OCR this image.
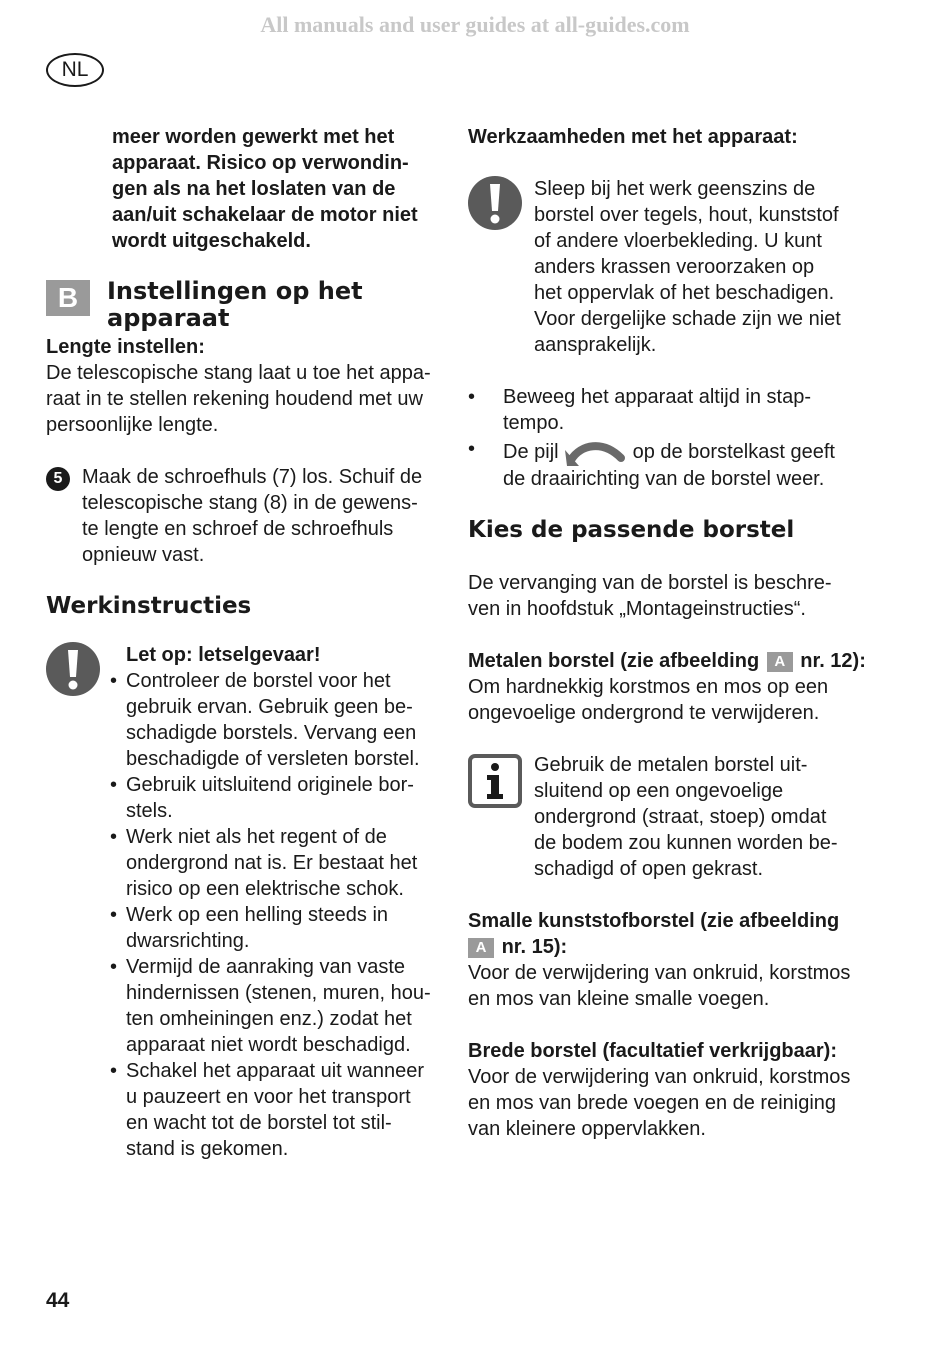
All manuals and user guides at all-guides.com
NL

meer worden gewerkt met het

apparaat. Risico op verwondin-

gen als na het loslaten van de

aan/uit schakelaar de motor niet

wordt uitgeschakeld.

B	Instellingen op het
apparaat

Lengte instellen:

De telescopische stang laat u toe het appa-

raat in te stellen rekening houdend met uw

persoonlijke lengte.

5 Maak de schroefhuls (7) los. Schuif de

telescopische stang (8) in de gewens-

te lengte en schroef de schroefhuls

opnieuw vast.

Werkinstructies

Let op: letselgevaar!

• Controleer de borstel voor het
gebruik ervan. Gebruik geen be-
schadigde borstels. Vervang een
beschadigde of versleten borstel.
• Gebruik uitsluitend originele bor-
stels.
• Werk niet als het regent of de
ondergrond nat is. Er bestaat het
risico op een elektrische schok.
• Werk op een helling steeds in
dwarsrichting.
• Vermijd de aanraking van vaste
hindernissen (stenen, muren, hou-
ten omheiningen enz.) zodat het
apparaat niet wordt beschadigd.
• Schakel het apparaat uit wanneer
u pauzeert en voor het transport
en wacht tot de borstel tot stil-
stand is gekomen.

Werkzaamheden met het apparaat:

Sleep bij het werk geenszins de

borstel over tegels, hout, kunststof

of andere vloerbekleding. U kunt

anders krassen veroorzaken op

het oppervlak of het beschadigen.

Voor dergelijke schade zijn we niet

aansprakelijk.

• Beweeg het apparaat altijd in stap-
tempo.
• De pijl	op de borstelkast geeft
de draairichting van de borstel weer.
Kies de passende borstel

De vervanging van de borstel is beschre-

ven in hoofdstuk „Montageinstructies“.

Metalen borstel (zie afbeelding A nr. 12):

Om hardnekkig korstmos en mos op een

ongevoelige ondergrond te verwijderen.

Gebruik de metalen borstel uit-

sluitend op een ongevoelige

ondergrond (straat, stoep) omdat

de bodem zou kunnen worden be-

schadigd of open gekrast.

Smalle kunststofborstel (zie afbeelding

A nr. 15):

Voor de verwijdering van onkruid, korstmos

en mos van kleine smalle voegen.

Brede borstel (facultatief verkrijgbaar):

Voor de verwijdering van onkruid, korstmos

en mos van brede voegen en de reiniging

van kleinere oppervlakken.

44
